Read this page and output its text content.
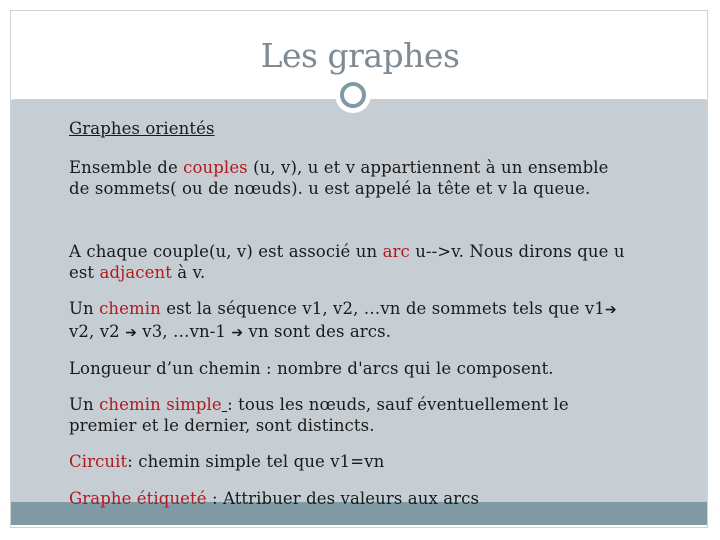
Les graphes
Graphes orientés
Ensemble de couples (u, v), u et v appartiennent à un ensemble de sommets( ou de nœuds). u est appelé la tête et v la queue.
A chaque couple(u, v) est associé un arc u-->v. Nous dirons que u est adjacent à v.
Un chemin est la séquence v1, v2, …vn de sommets tels que v1➔v2, v2 ➔ v3, …vn-1 ➔ vn sont des arcs.
Longueur d’un chemin : nombre d'arcs qui le composent.
Un chemin simple : tous les nœuds, sauf éventuellement le premier et le dernier, sont distincts.
Circuit: chemin simple tel que v1=vn
Graphe étiqueté : Attribuer des valeurs aux arcs
